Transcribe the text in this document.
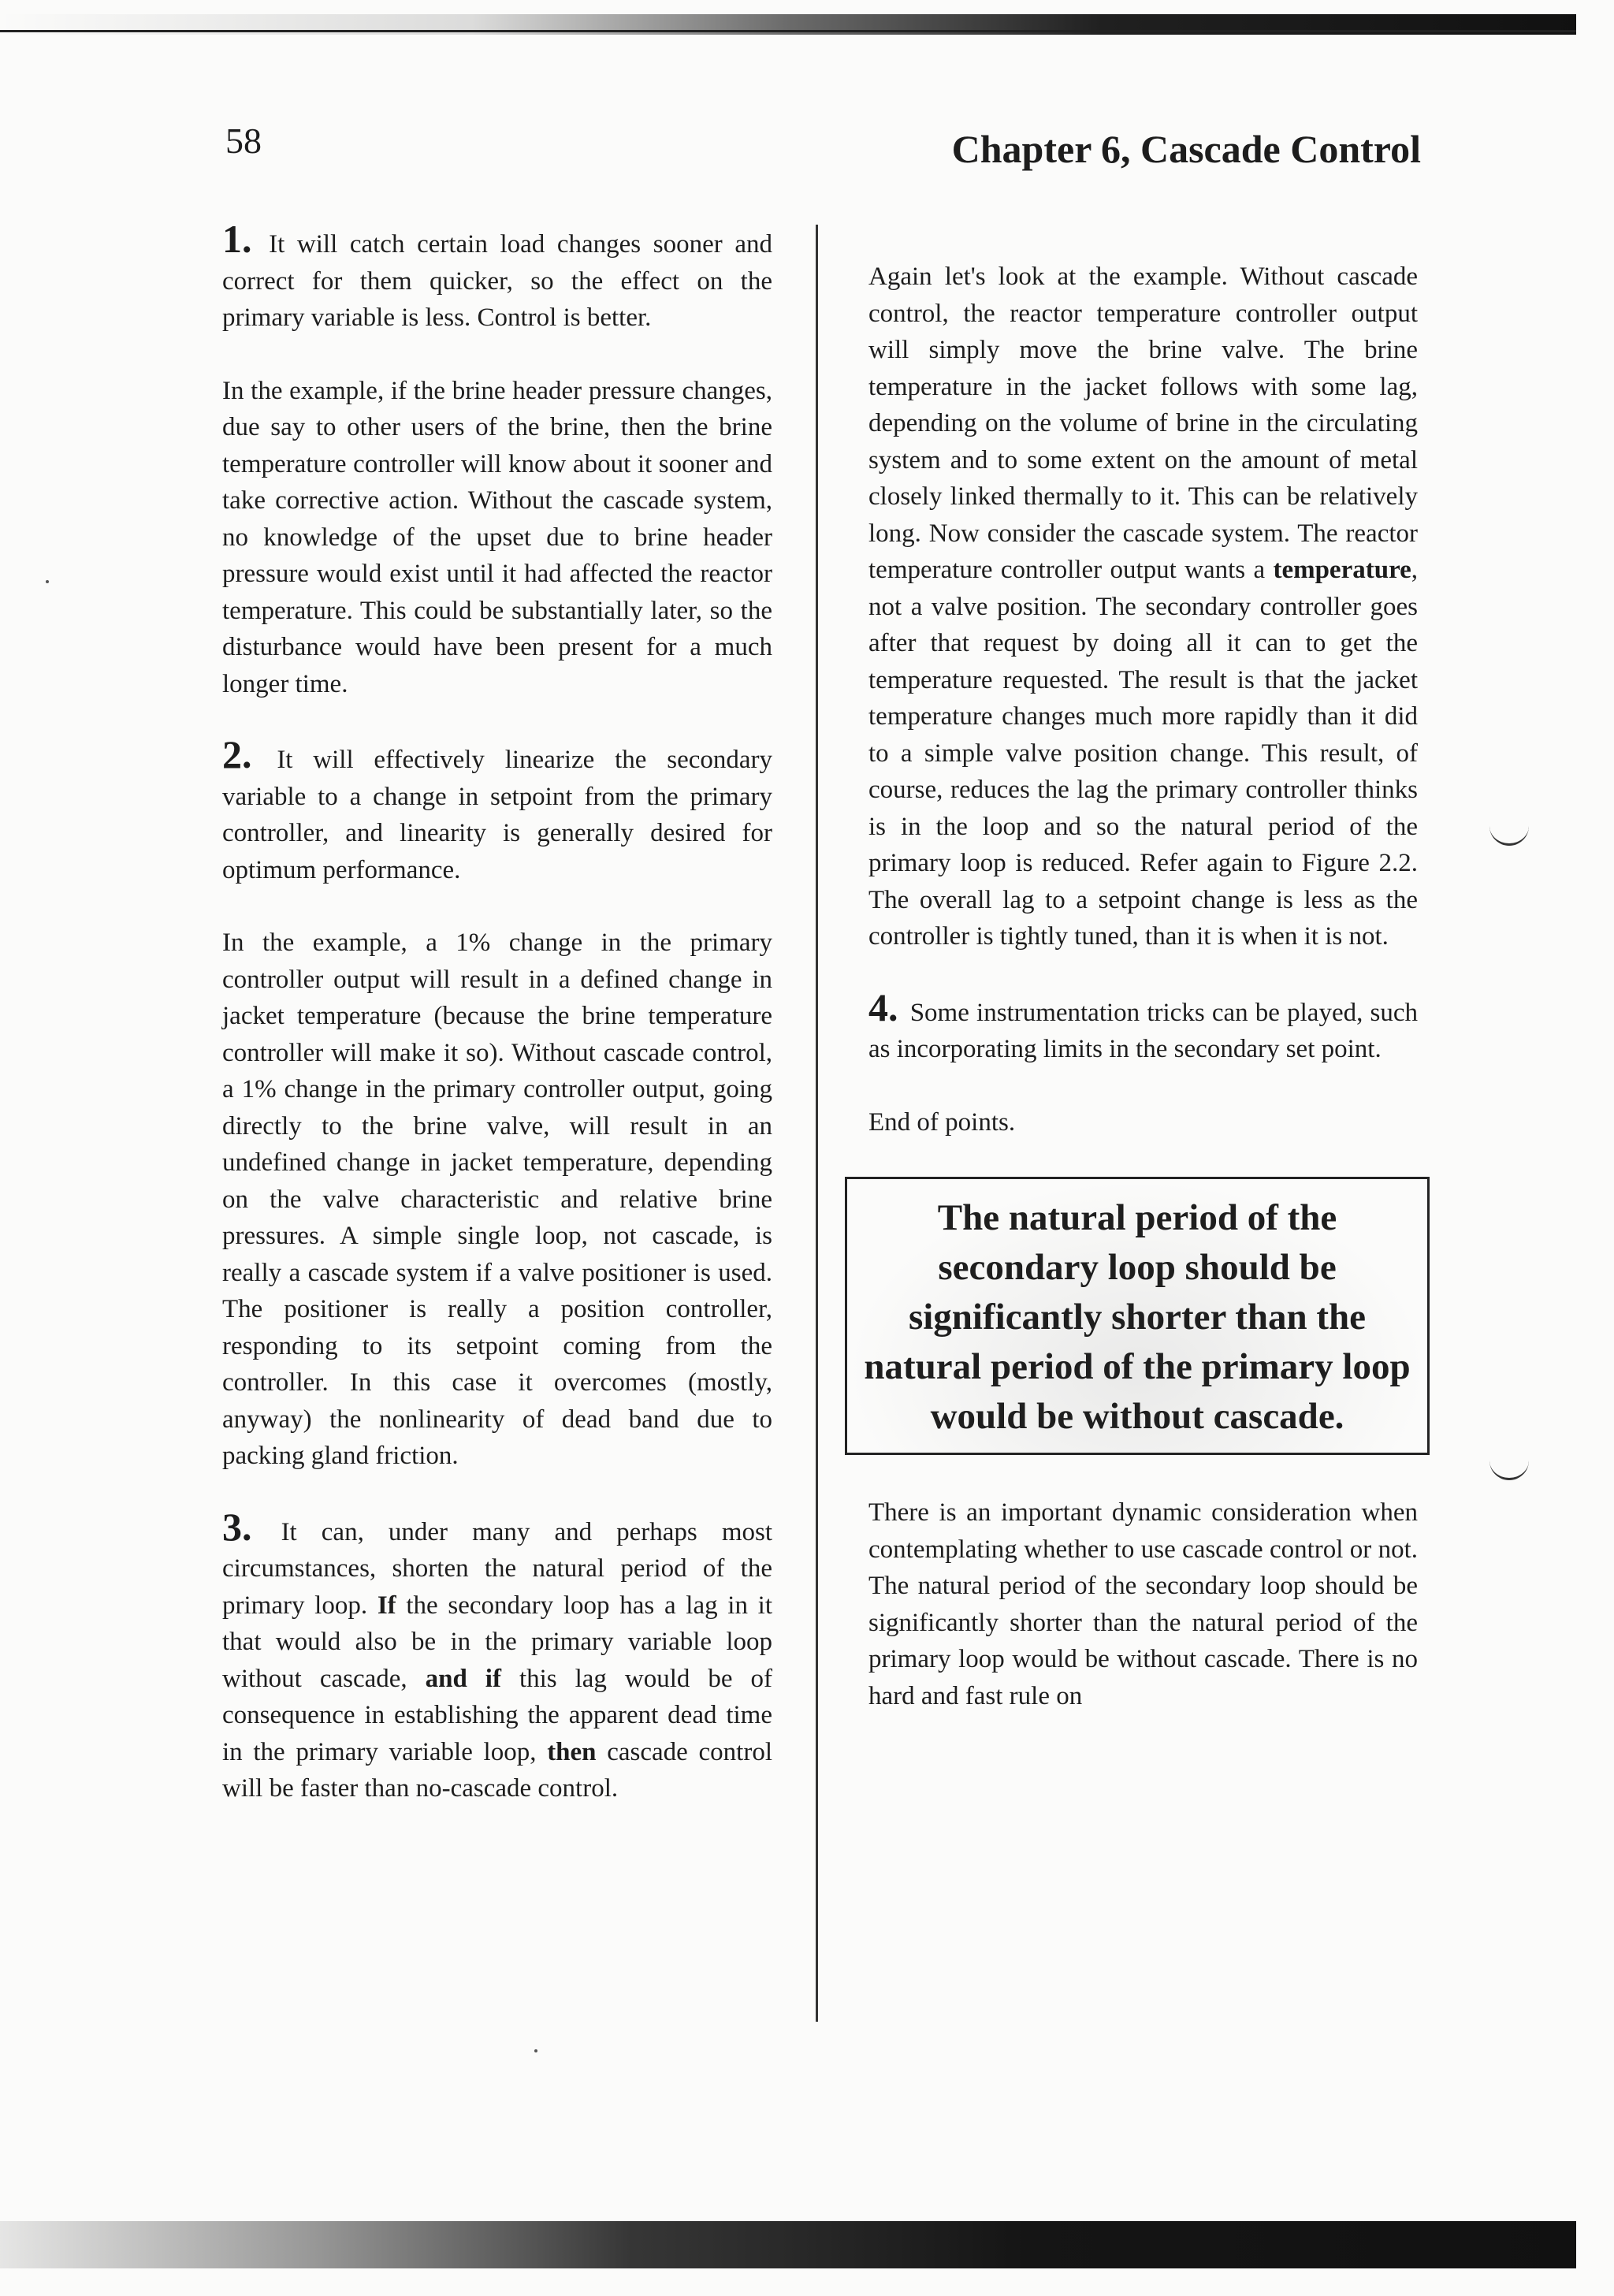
58	Chapter 6, Cascade Control

1. It will catch certain load changes sooner and correct for them quicker, so the effect on the primary variable is less. Control is better.

In the example, if the brine header pressure changes, due say to other users of the brine, then the brine temperature controller will know about it sooner and take corrective action. Without the cascade system, no knowledge of the upset due to brine header pressure would exist until it had affected the reactor temperature. This could be substantially later, so the disturbance would have been present for a much longer time.

2. It will effectively linearize the secondary variable to a change in setpoint from the primary controller, and linearity is generally desired for optimum performance.

In the example, a 1% change in the primary controller output will result in a defined change in jacket temperature (because the brine temperature controller will make it so). Without cascade control, a 1% change in the primary controller output, going directly to the brine valve, will result in an undefined change in jacket temperature, depending on the valve characteristic and relative brine pressures. A simple single loop, not cascade, is really a cascade system if a valve positioner is used. The positioner is really a position controller, responding to its setpoint coming from the controller. In this case it overcomes (mostly, anyway) the nonlinearity of dead band due to packing gland friction.

3. It can, under many and perhaps most circumstances, shorten the natural period of the primary loop. If the secondary loop has a lag in it that would also be in the primary variable loop without cascade, and if this lag would be of consequence in establishing the apparent dead time in the primary variable loop, then cascade control will be faster than no-cascade control.

Again let's look at the example. Without cascade control, the reactor temperature controller output will simply move the brine valve. The brine temperature in the jacket follows with some lag, depending on the volume of brine in the circulating system and to some extent on the amount of metal closely linked thermally to it. This can be relatively long. Now consider the cascade system. The reactor temperature controller output wants a temperature, not a valve position. The secondary controller goes after that request by doing all it can to get the temperature requested. The result is that the jacket temperature changes much more rapidly than it did to a simple valve position change. This result, of course, reduces the lag the primary controller thinks is in the loop and so the natural period of the primary loop is reduced. Refer again to Figure 2.2. The overall lag to a setpoint change is less as the controller is tightly tuned, than it is when it is not.

4. Some instrumentation tricks can be played, such as incorporating limits in the secondary set point.

End of points.

The natural period of the secondary loop should be significantly shorter than the natural period of the primary loop would be without cascade.

There is an important dynamic consideration when contemplating whether to use cascade control or not. The natural period of the secondary loop should be significantly shorter than the natural period of the primary loop would be without cascade. There is no hard and fast rule on
